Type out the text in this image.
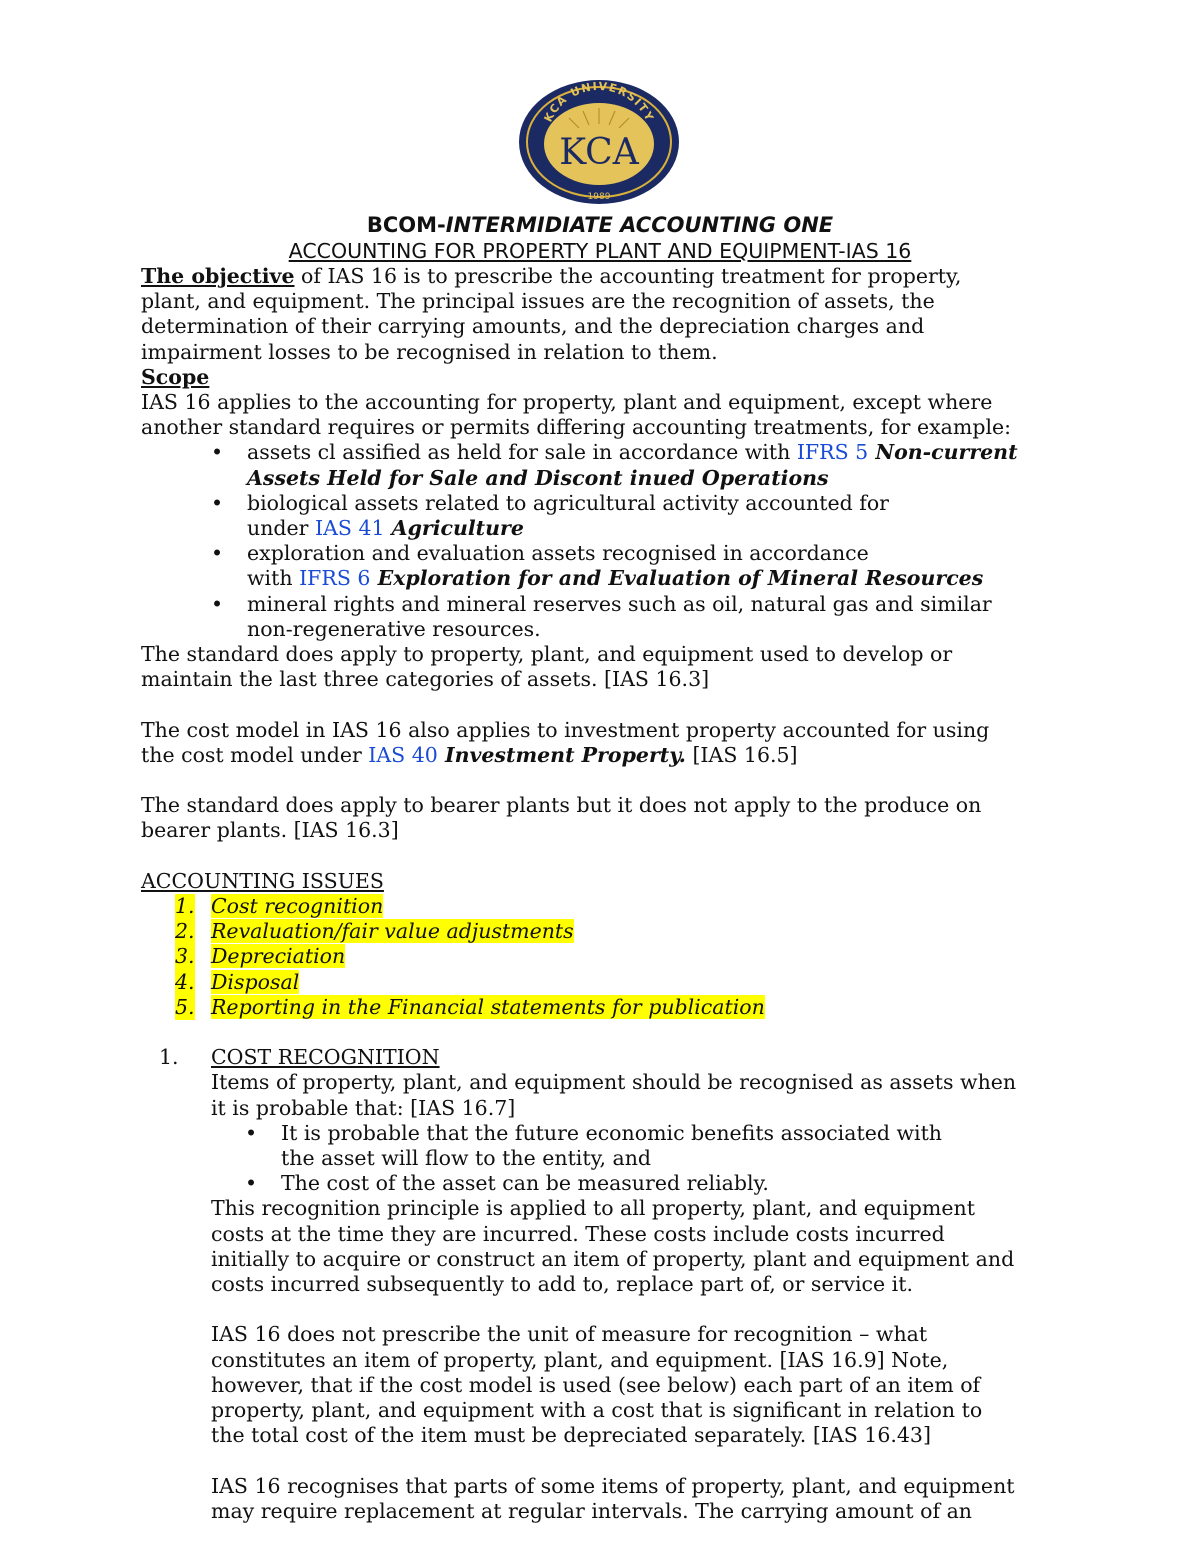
KCA
KCA UNIVERSITY
1989
BCOM-INTERMIDIATE ACCOUNTING ONE
ACCOUNTING FOR PROPERTY PLANT AND EQUIPMENT-IAS 16

The objective of IAS 16 is to prescribe the accounting treatment for property,

plant, and equipment. The principal issues are the recognition of assets, the

determination of their carrying amounts, and the depreciation charges and

impairment losses to be recognised in relation to them.

Scope

IAS 16 applies to the accounting for property, plant and equipment, except where

another standard requires or permits differing accounting treatments, for example:

• assets cl assified as held for sale in accordance with IFRS 5 Non-current
Assets Held for Sale and Discont inued Operations
• biological assets related to agricultural activity accounted for
under IAS 41 Agriculture
• exploration and evaluation assets recognised in accordance
with IFRS 6 Exploration for and Evaluation of Mineral Resources
• mineral rights and mineral reserves such as oil, natural gas and similar
non-regenerative resources.

The standard does apply to property, plant, and equipment used to develop or

maintain the last three categories of assets. [IAS 16.3]

The cost model in IAS 16 also applies to investment property accounted for using

the cost model under IAS 40 Investment Property. [IAS 16.5]

The standard does apply to bearer plants but it does not apply to the produce on

bearer plants. [IAS 16.3]

ACCOUNTING ISSUES

1. Cost recognition
2. Revaluation/fair value adjustments
3. Depreciation
4. Disposal
5. Reporting in the Financial statements for publication

1. COST RECOGNITION

Items of property, plant, and equipment should be recognised as assets when

it is probable that: [IAS 16.7]

• It is probable that the future economic benefits associated with
the asset will flow to the entity, and
• The cost of the asset can be measured reliably.

This recognition principle is applied to all property, plant, and equipment

costs at the time they are incurred. These costs include costs incurred

initially to acquire or construct an item of property, plant and equipment and

costs incurred subsequently to add to, replace part of, or service it.

IAS 16 does not prescribe the unit of measure for recognition – what

constitutes an item of property, plant, and equipment. [IAS 16.9] Note,

however, that if the cost model is used (see below) each part of an item of

property, plant, and equipment with a cost that is significant in relation to

the total cost of the item must be depreciated separately. [IAS 16.43]

IAS 16 recognises that parts of some items of property, plant, and equipment

may require replacement at regular intervals. The carrying amount of an
